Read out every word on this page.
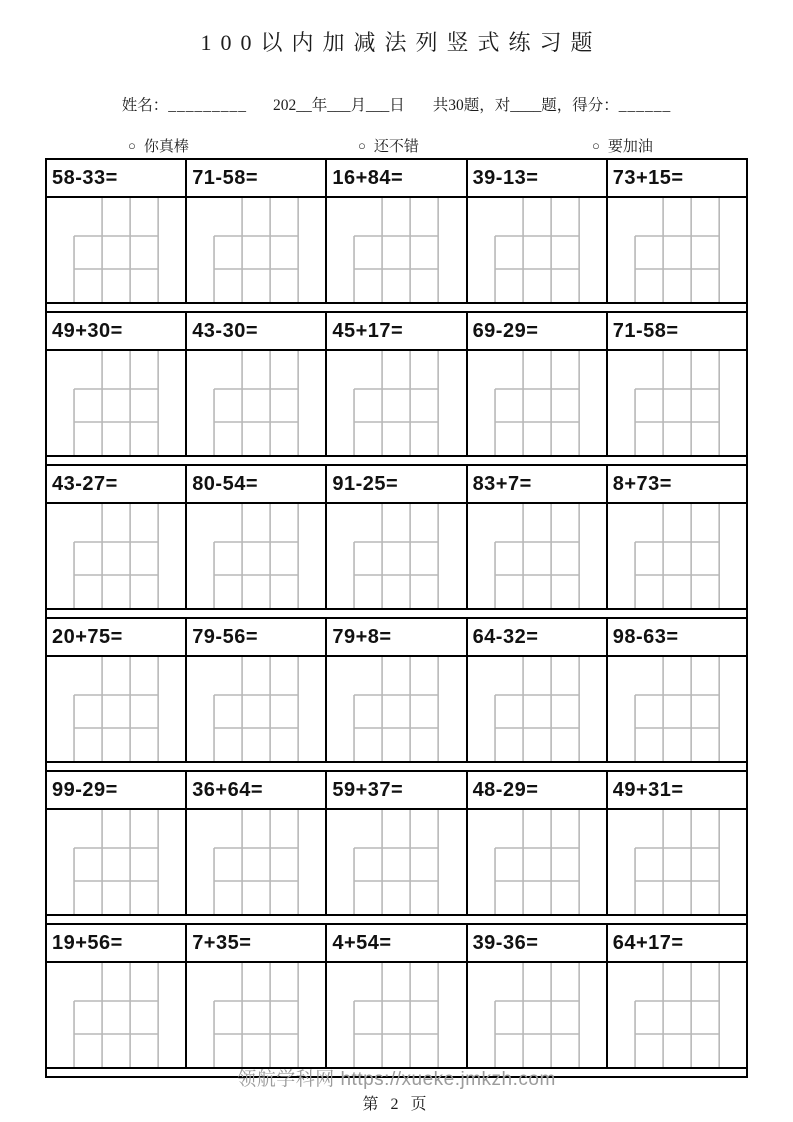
100以内加减法列竖式练习题
姓名：_________ 202__年___月___日 共30题，对____题，得分：______
○ 你真棒	○ 还不错	○ 要加油
58-33=	71-58=	16+84=	39-13=	73+15=

49+30=	43-30=	45+17=	69-29=	71-58=

43-27=	80-54=	91-25=	83+7=	8+73=

20+75=	79-56=	79+8=	64-32=	98-63=

99-29=	36+64=	59+37=	48-29=	49+31=

19+56=	7+35=	4+54=	39-36=	64+17=

领航学科网 https://xueke.jmkzh.com
第 2 页
